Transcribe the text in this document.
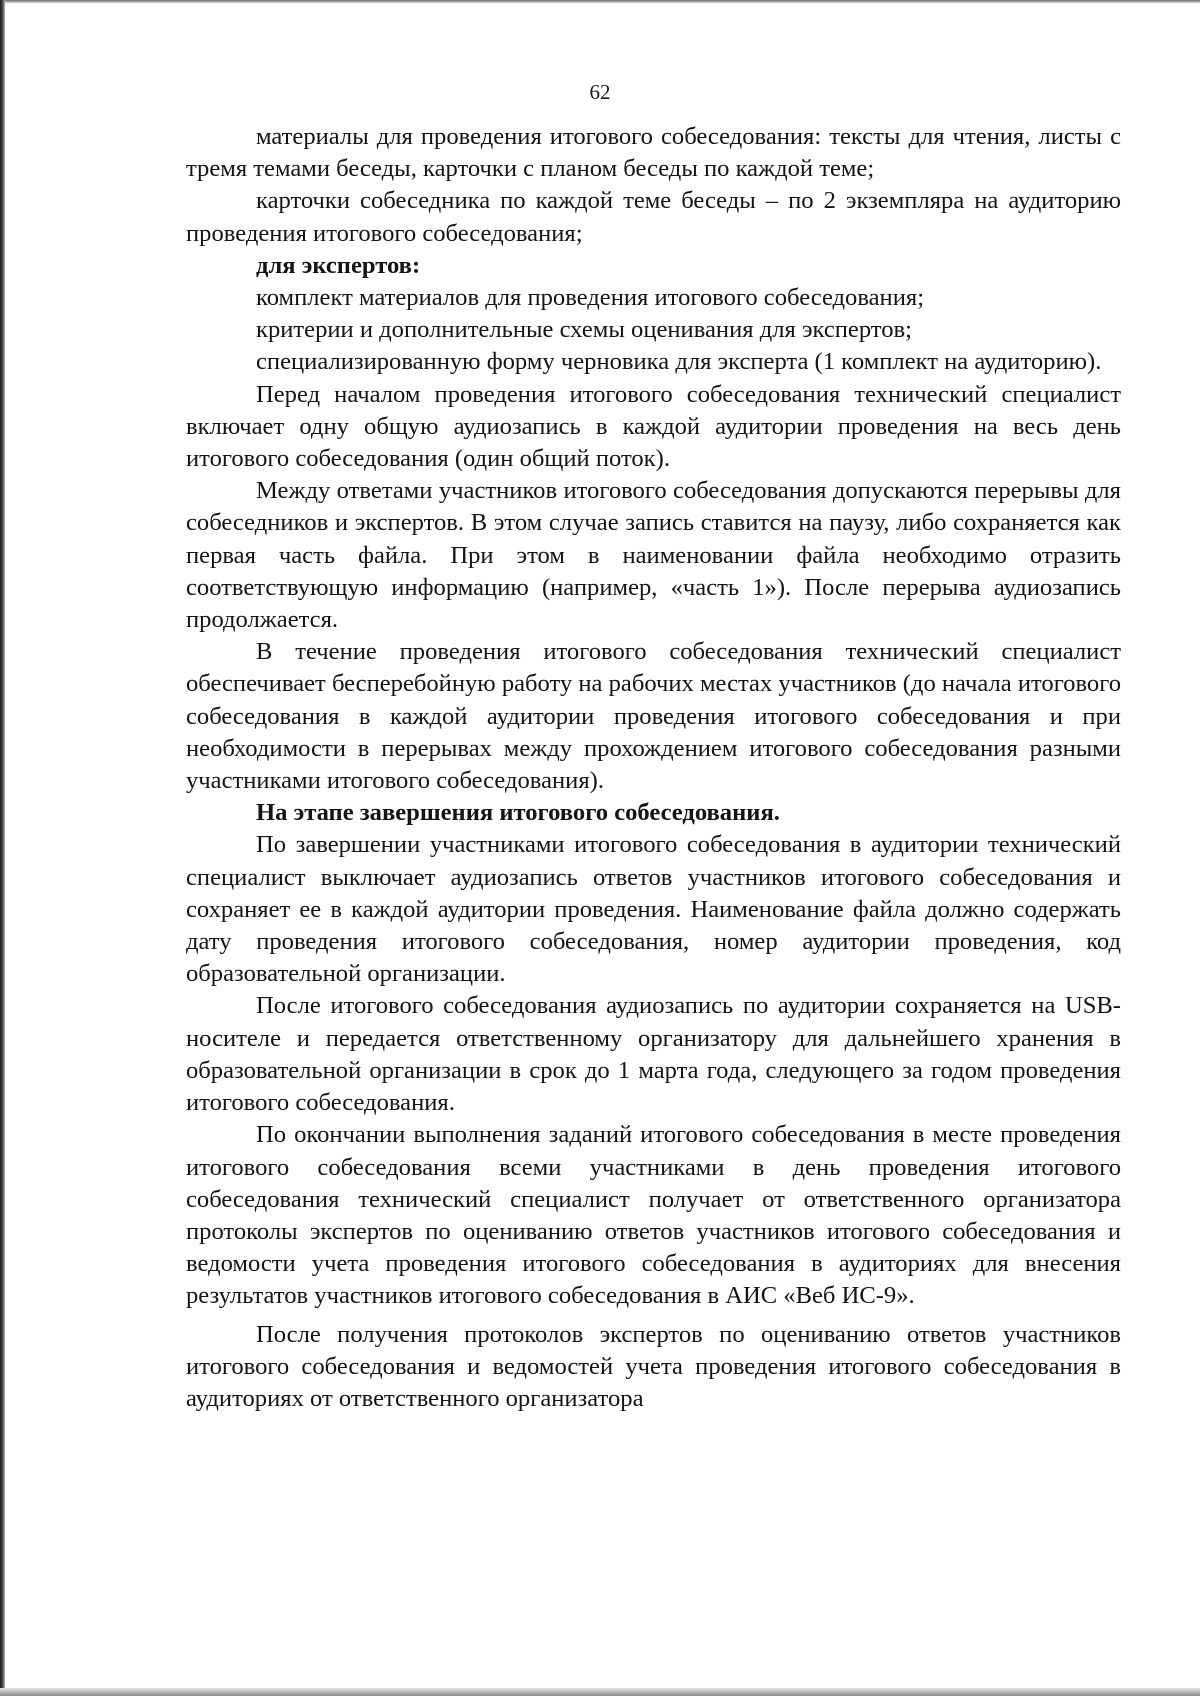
62

материалы для проведения итогового собеседования: тексты для чтения, листы с тремя темами беседы, карточки с планом беседы по каждой теме;

карточки собеседника по каждой теме беседы – по 2 экземпляра на аудиторию проведения итогового собеседования;

для экспертов:

комплект материалов для проведения итогового собеседования;

критерии и дополнительные схемы оценивания для экспертов;

специализированную форму черновика для эксперта (1 комплект на аудиторию).

Перед началом проведения итогового собеседования технический специалист включает одну общую аудиозапись в каждой аудитории проведения на весь день итогового собеседования (один общий поток).

Между ответами участников итогового собеседования допускаются перерывы для собеседников и экспертов. В этом случае запись ставится на паузу, либо сохраняется как первая часть файла. При этом в наименовании файла необходимо отразить соответствующую информацию (например, «часть 1»). После перерыва аудиозапись продолжается.

В течение проведения итогового собеседования технический специалист обеспечивает бесперебойную работу на рабочих местах участников (до начала итогового собеседования в каждой аудитории проведения итогового собеседования и при необходимости в перерывах между прохождением итогового собеседования разными участниками итогового собеседования).

На этапе завершения итогового собеседования.

По завершении участниками итогового собеседования в аудитории технический специалист выключает аудиозапись ответов участников итогового собеседования и сохраняет ее в каждой аудитории проведения. Наименование файла должно содержать дату проведения итогового собеседования, номер аудитории проведения, код образовательной организации.

После итогового собеседования аудиозапись по аудитории сохраняется на USB-носителе и передается ответственному организатору для дальнейшего хранения в образовательной организации в срок до 1 марта года, следующего за годом проведения итогового собеседования.

По окончании выполнения заданий итогового собеседования в месте проведения итогового собеседования всеми участниками в день проведения итогового собеседования технический специалист получает от ответственного организатора протоколы экспертов по оцениванию ответов участников итогового собеседования и ведомости учета проведения итогового собеседования в аудиториях для внесения результатов участников итогового собеседования в АИС «Веб ИС-9».

После получения протоколов экспертов по оцениванию ответов участников итогового собеседования и ведомостей учета проведения итогового собеседования в аудиториях от ответственного организатора
